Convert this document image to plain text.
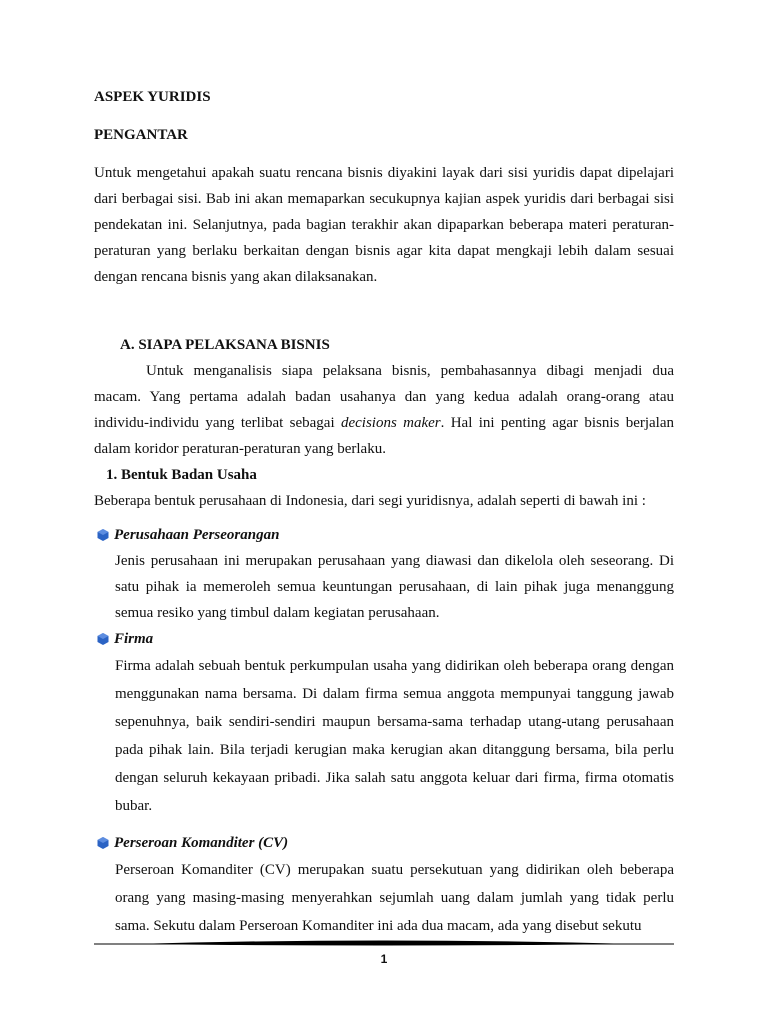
ASPEK YURIDIS

PENGANTAR

Untuk mengetahui apakah suatu rencana bisnis diyakini layak dari sisi yuridis dapat dipelajari dari berbagai sisi. Bab ini akan memaparkan secukupnya kajian aspek yuridis dari berbagai sisi pendekatan ini. Selanjutnya, pada bagian terakhir akan dipaparkan beberapa materi peraturan-peraturan yang berlaku berkaitan dengan bisnis agar kita dapat mengkaji lebih dalam sesuai dengan rencana bisnis yang akan dilaksanakan.

A. SIAPA PELAKSANA BISNIS

Untuk menganalisis siapa pelaksana bisnis, pembahasannya dibagi menjadi dua macam. Yang pertama adalah badan usahanya dan yang kedua adalah orang-orang atau individu-individu yang terlibat sebagai decisions maker. Hal ini penting agar bisnis berjalan dalam koridor peraturan-peraturan yang berlaku.

1. Bentuk Badan Usaha

Beberapa bentuk perusahaan di Indonesia, dari segi yuridisnya, adalah seperti di bawah ini :

Perusahaan Perseorangan

Jenis perusahaan ini merupakan perusahaan yang diawasi dan dikelola oleh seseorang. Di satu pihak ia memeroleh semua keuntungan perusahaan, di lain pihak juga menanggung semua resiko yang timbul dalam kegiatan perusahaan.

Firma

Firma adalah sebuah bentuk perkumpulan usaha yang didirikan oleh beberapa orang dengan menggunakan nama bersama. Di dalam firma semua anggota mempunyai tanggung jawab sepenuhnya, baik sendiri-sendiri maupun bersama-sama terhadap utang-utang perusahaan pada pihak lain. Bila terjadi kerugian maka kerugian akan ditanggung bersama, bila perlu dengan seluruh kekayaan pribadi. Jika salah satu anggota keluar dari firma, firma otomatis bubar.

Perseroan Komanditer (CV)

Perseroan Komanditer (CV) merupakan suatu persekutuan yang didirikan oleh beberapa orang yang masing-masing menyerahkan sejumlah uang dalam jumlah yang tidak perlu sama. Sekutu dalam Perseroan Komanditer ini ada dua macam, ada yang disebut sekutu

1
